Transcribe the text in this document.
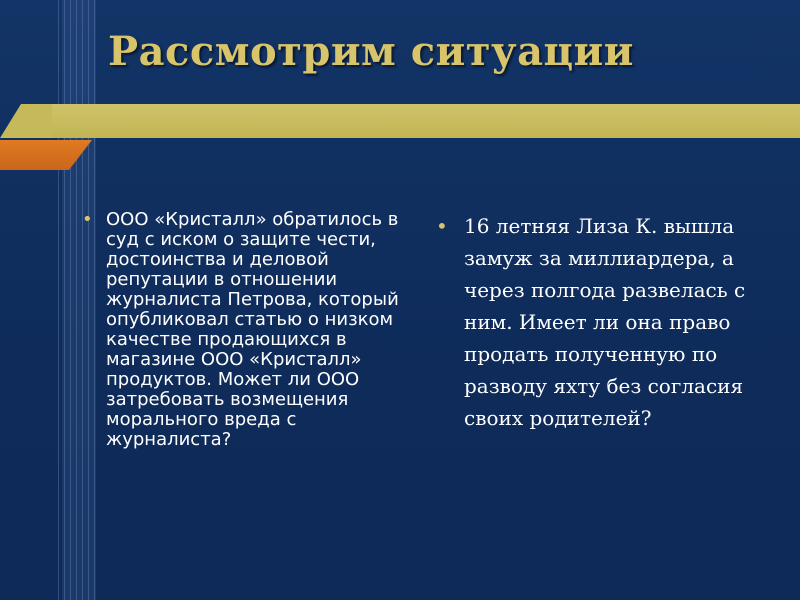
Рассмотрим ситуации
• ООО «Кристалл» обратилось в суд с иском о защите чести, достоинства и деловой репутации в отношении журналиста Петрова, который опубликовал статью о низком качестве продающихся в магазине ООО «Кристалл» продуктов. Может ли ООО затребовать возмещения морального вреда с журналиста?
• 16 летняя Лиза К. вышла замуж за миллиардера, а через полгода развелась с ним. Имеет ли она право продать полученную по разводу яхту без согласия своих родителей?
